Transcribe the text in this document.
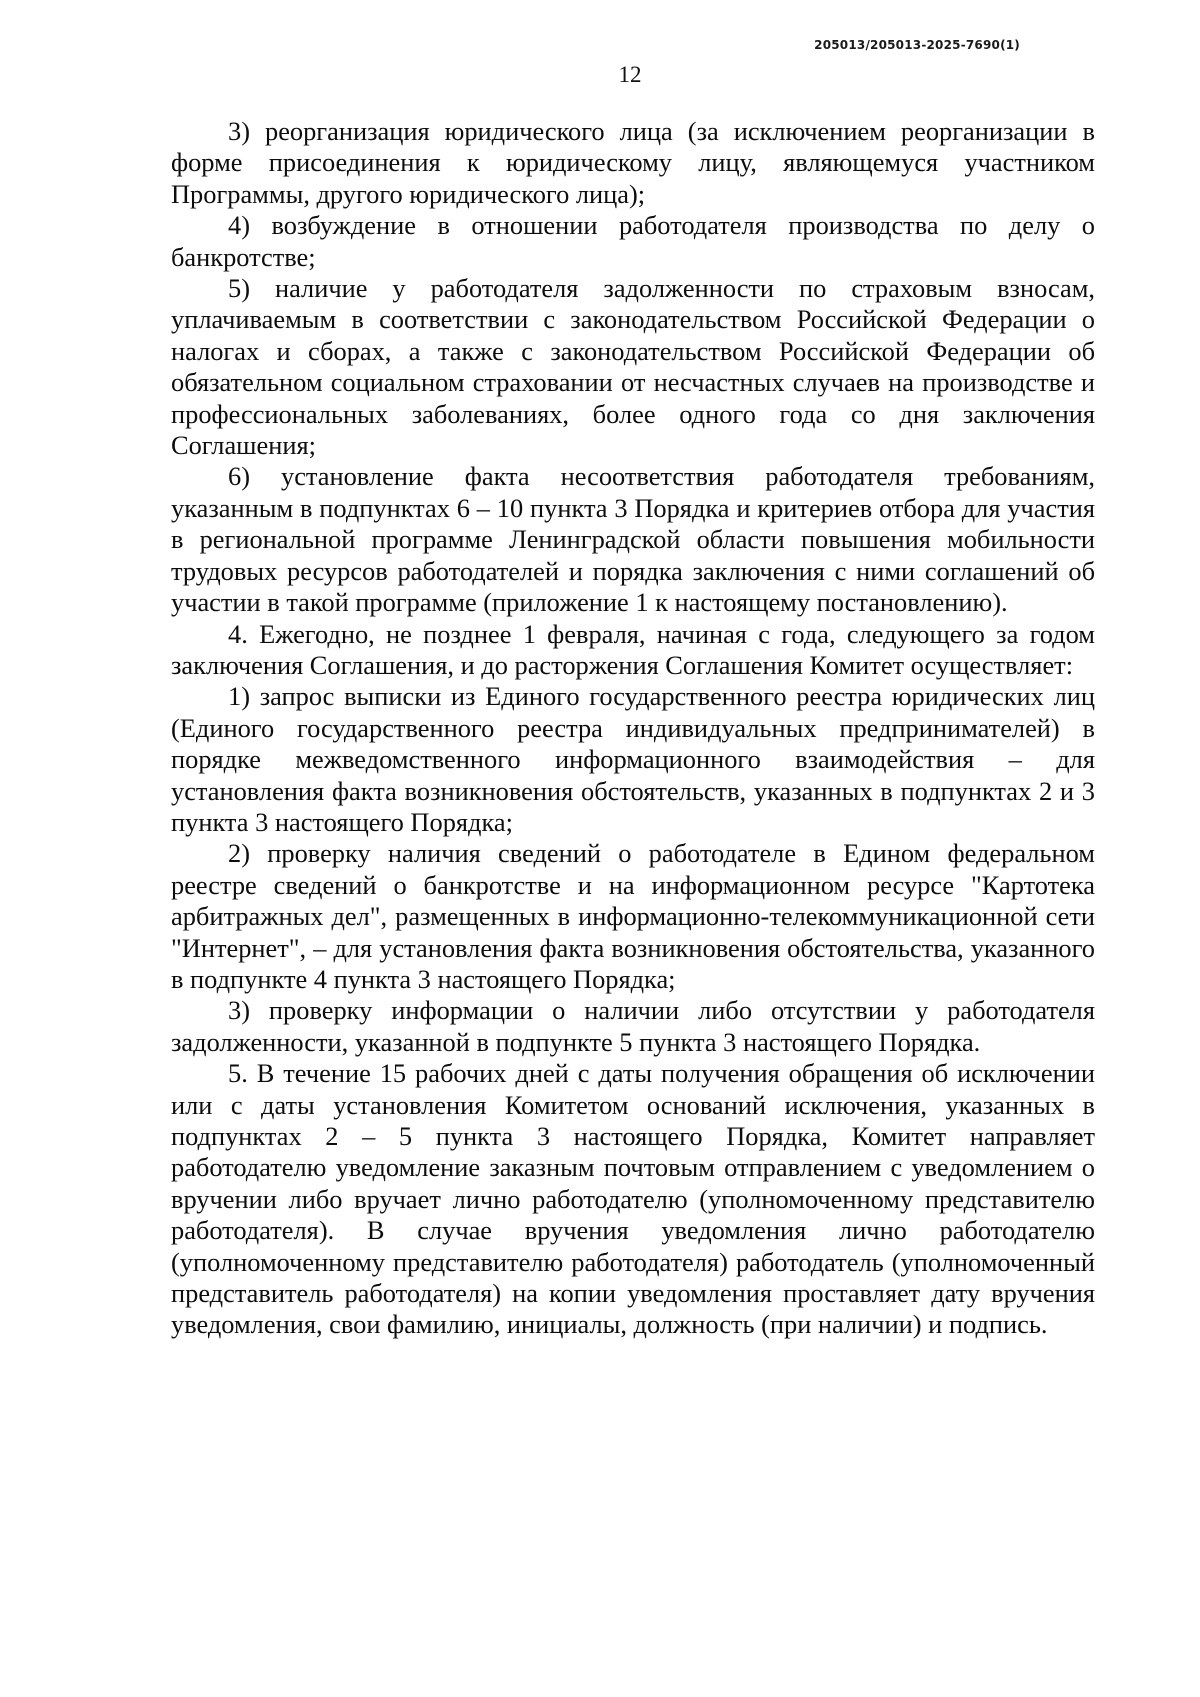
205013/205013-2025-7690(1)
12

3) реорганизация юридического лица (за исключением реорганизации в форме присоединения к юридическому лицу, являющемуся участником Программы, другого юридического лица);

4) возбуждение в отношении работодателя производства по делу о банкротстве;

5) наличие у работодателя задолженности по страховым взносам, уплачиваемым в соответствии с законодательством Российской Федерации о налогах и сборах, а также с законодательством Российской Федерации об обязательном социальном страховании от несчастных случаев на производстве и профессиональных заболеваниях, более одного года со дня заключения Соглашения;

6) установление факта несоответствия работодателя требованиям, указанным в подпунктах 6 – 10 пункта 3 Порядка и критериев отбора для участия в региональной программе Ленинградской области повышения мобильности трудовых ресурсов работодателей и порядка заключения с ними соглашений об участии в такой программе (приложение 1 к настоящему постановлению).

4. Ежегодно, не позднее 1 февраля, начиная с года, следующего за годом заключения Соглашения, и до расторжения Соглашения Комитет осуществляет:

1) запрос выписки из Единого государственного реестра юридических лиц (Единого государственного реестра индивидуальных предпринимателей) в порядке межведомственного информационного взаимодействия – для установления факта возникновения обстоятельств, указанных в подпунктах 2 и 3 пункта 3 настоящего Порядка;

2) проверку наличия сведений о работодателе в Едином федеральном реестре сведений о банкротстве и на информационном ресурсе "Картотека арбитражных дел", размещенных в информационно-телекоммуникационной сети "Интернет", – для установления факта возникновения обстоятельства, указанного в подпункте 4 пункта 3 настоящего Порядка;

3) проверку информации о наличии либо отсутствии у работодателя задолженности, указанной в подпункте 5 пункта 3 настоящего Порядка.

5. В течение 15 рабочих дней с даты получения обращения об исключении или с даты установления Комитетом оснований исключения, указанных в подпунктах 2 – 5 пункта 3 настоящего Порядка, Комитет направляет работодателю уведомление заказным почтовым отправлением с уведомлением о вручении либо вручает лично работодателю (уполномоченному представителю работодателя). В случае вручения уведомления лично работодателю (уполномоченному представителю работодателя) работодатель (уполномоченный представитель работодателя) на копии уведомления проставляет дату вручения уведомления, свои фамилию, инициалы, должность (при наличии) и подпись.
